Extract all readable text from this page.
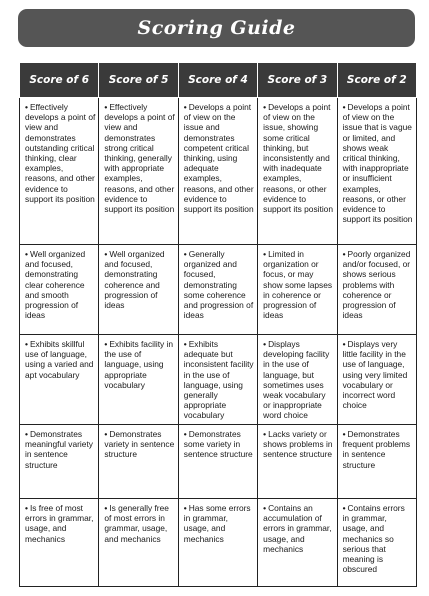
Scoring Guide
Score of 6	Score of 5	Score of 4	Score of 3	Score of 2
• Effectively develops a point of view and demonstrates outstanding critical thinking, clear examples, reasons, and other evidence to support its position	• Effectively develops a point of view and demonstrates strong critical thinking, generally with appropriate examples, reasons, and other evidence to support its position	• Develops a point of view on the issue and demonstrates competent critical thinking, using adequate examples, reasons, and other evidence to support its position	• Develops a point of view on the issue, showing some critical thinking, but inconsistently and with inadequate examples, reasons, or other evidence to support its position	• Develops a point of view on the issue that is vague or limited, and shows weak critical thinking, with inappropriate or insufficient examples, reasons, or other evidence to support its position
• Well organized and focused, demonstrating clear coherence and smooth progression of ideas	• Well organized and focused, demonstrating coherence and progression of ideas	• Generally organized and focused, demonstrating some coherence and progression of ideas	• Limited in organization or focus, or may show some lapses in coherence or progression of ideas	• Poorly organized and/or focused, or shows serious problems with coherence or progression of ideas
• Exhibits skillful use of language, using a varied and apt vocabulary	• Exhibits facility in the use of language, using appropriate vocabulary	• Exhibits adequate but inconsistent facility in the use of language, using generally appropriate vocabulary	• Displays developing facility in the use of language, but sometimes uses weak vocabulary or inappropriate word choice	• Displays very little facility in the use of language, using very limited vocabulary or incorrect word choice
• Demonstrates meaningful variety in sentence structure	• Demonstrates variety in sentence structure	• Demonstrates some variety in sentence structure	• Lacks variety or shows problems in sentence structure	• Demonstrates frequent problems in sentence structure
• Is free of most errors in grammar, usage, and mechanics	• Is generally free of most errors in grammar, usage, and mechanics	• Has some errors in grammar, usage, and mechanics	• Contains an accumulation of errors in grammar, usage, and mechanics	• Contains errors in grammar, usage, and mechanics so serious that meaning is obscured
